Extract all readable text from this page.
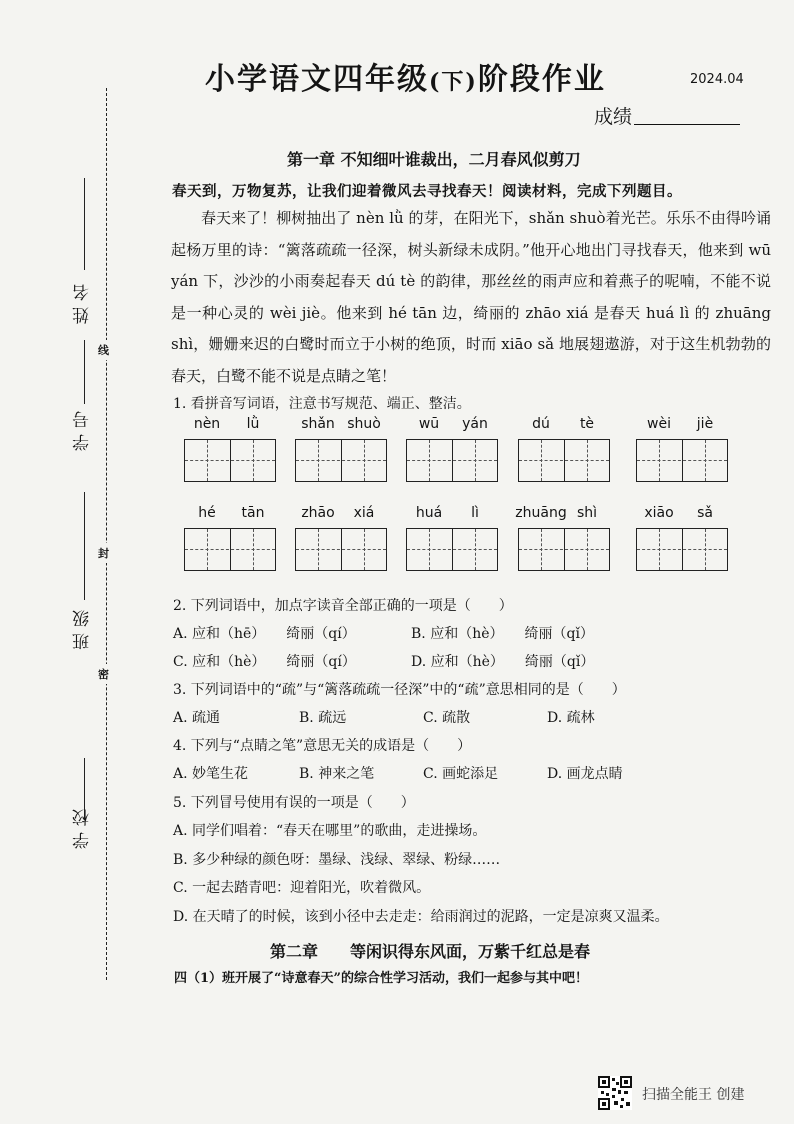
学校
班级
学号
姓名
线
封
密
小学语文四年级(下)阶段作业	2024.04
成绩
第一章 不知细叶谁裁出，二月春风似剪刀
春天到，万物复苏，让我们迎着微风去寻找春天！阅读材料，完成下列题目。

春天来了！柳树抽出了 nèn lǜ 的芽，在阳光下，shǎn shuò着光芒。乐乐不由得吟诵起杨万里的诗：“篱落疏疏一径深，树头新绿未成阴。”他开心地出门寻找春天，他来到 wū yán 下，沙沙的小雨奏起春天 dú tè 的韵律，那丝丝的雨声应和着燕子的呢喃，不能不说是一种心灵的 wèi jiè。他来到 hé tān 边，绮丽的 zhāo xiá 是春天 huá lì 的 zhuāng shì，姗姗来迟的白鹭时而立于小树的绝顶，时而 xiāo sǎ 地展翅遨游，对于这生机勃勃的春天，白鹭不能不说是点睛之笔！

1. 看拼音写词语，注意书写规范、端正、整洁。
nèn lǜ	shǎn shuò	wū yán	dú tè	wèi jiè
hé tān	zhāo xiá	huá lì	zhuāng shì	xiāo sǎ
2. 下列词语中，加点字读音全部正确的一项是（　　）
A. 应和（hē）　　绮丽（qí）	B. 应和（hè）　　绮丽（qǐ）
C. 应和（hè）　　绮丽（qí）	D. 应和（hè）　　绮丽（qǐ）
3. 下列词语中的“疏”与“篱落疏疏一径深”中的“疏”意思相同的是（　　）
A. 疏通	B. 疏远	C. 疏散	D. 疏林
4. 下列与“点睛之笔”意思无关的成语是（　　）
A. 妙笔生花	B. 神来之笔	C. 画蛇添足	D. 画龙点睛
5. 下列冒号使用有误的一项是（　　）
A. 同学们唱着：“春天在哪里”的歌曲，走进操场。
B. 多少种绿的颜色呀：墨绿、浅绿、翠绿、粉绿……
C. 一起去踏青吧：迎着阳光，吹着微风。
D. 在天晴了的时候，该到小径中去走走：给雨润过的泥路，一定是凉爽又温柔。
第二章　　等闲识得东风面，万紫千红总是春
四（1）班开展了“诗意春天”的综合性学习活动，我们一起参与其中吧！
扫描全能王 创建
